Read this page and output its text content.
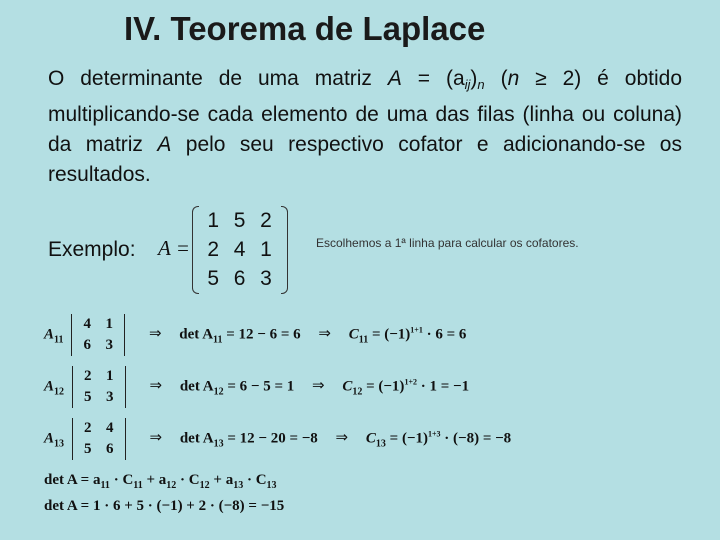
IV. Teorema de Laplace
O determinante de uma matriz $A = (a_{ij})_n$ (n ≥ 2) é obtido multiplicando-se cada elemento de uma das filas (linha ou coluna) da matriz A pelo seu respectivo cofator e adicionando-se os resultados.
Exemplo: A =
1 5 2
2 4 1
5 6 3
Escolhemos a 1ª linha para calcular os cofatores.
$A_{11}$
4 1
6 3
⇒ $\det A_{11} = 12 - 6 = 6$ ⇒ $C_{11} = (-1)^{1+1} \cdot 6 = 6$
$A_{12}$
2 1
5 3
⇒ $\det A_{12} = 6 - 5 = 1$ ⇒ $C_{12} = (-1)^{1+2} \cdot 1 = -1$
$A_{13}$
2 4
5 6
⇒ $\det A_{13} = 12 - 20 = -8$ ⇒ $C_{13} = (-1)^{1+3} \cdot (-8) = -8$
$\det A = a_{11} \cdot C_{11} + a_{12} \cdot C_{12} + a_{13} \cdot C_{13}$
det A = 1 · 6 + 5 · (−1) + 2 · (−8) = −15
